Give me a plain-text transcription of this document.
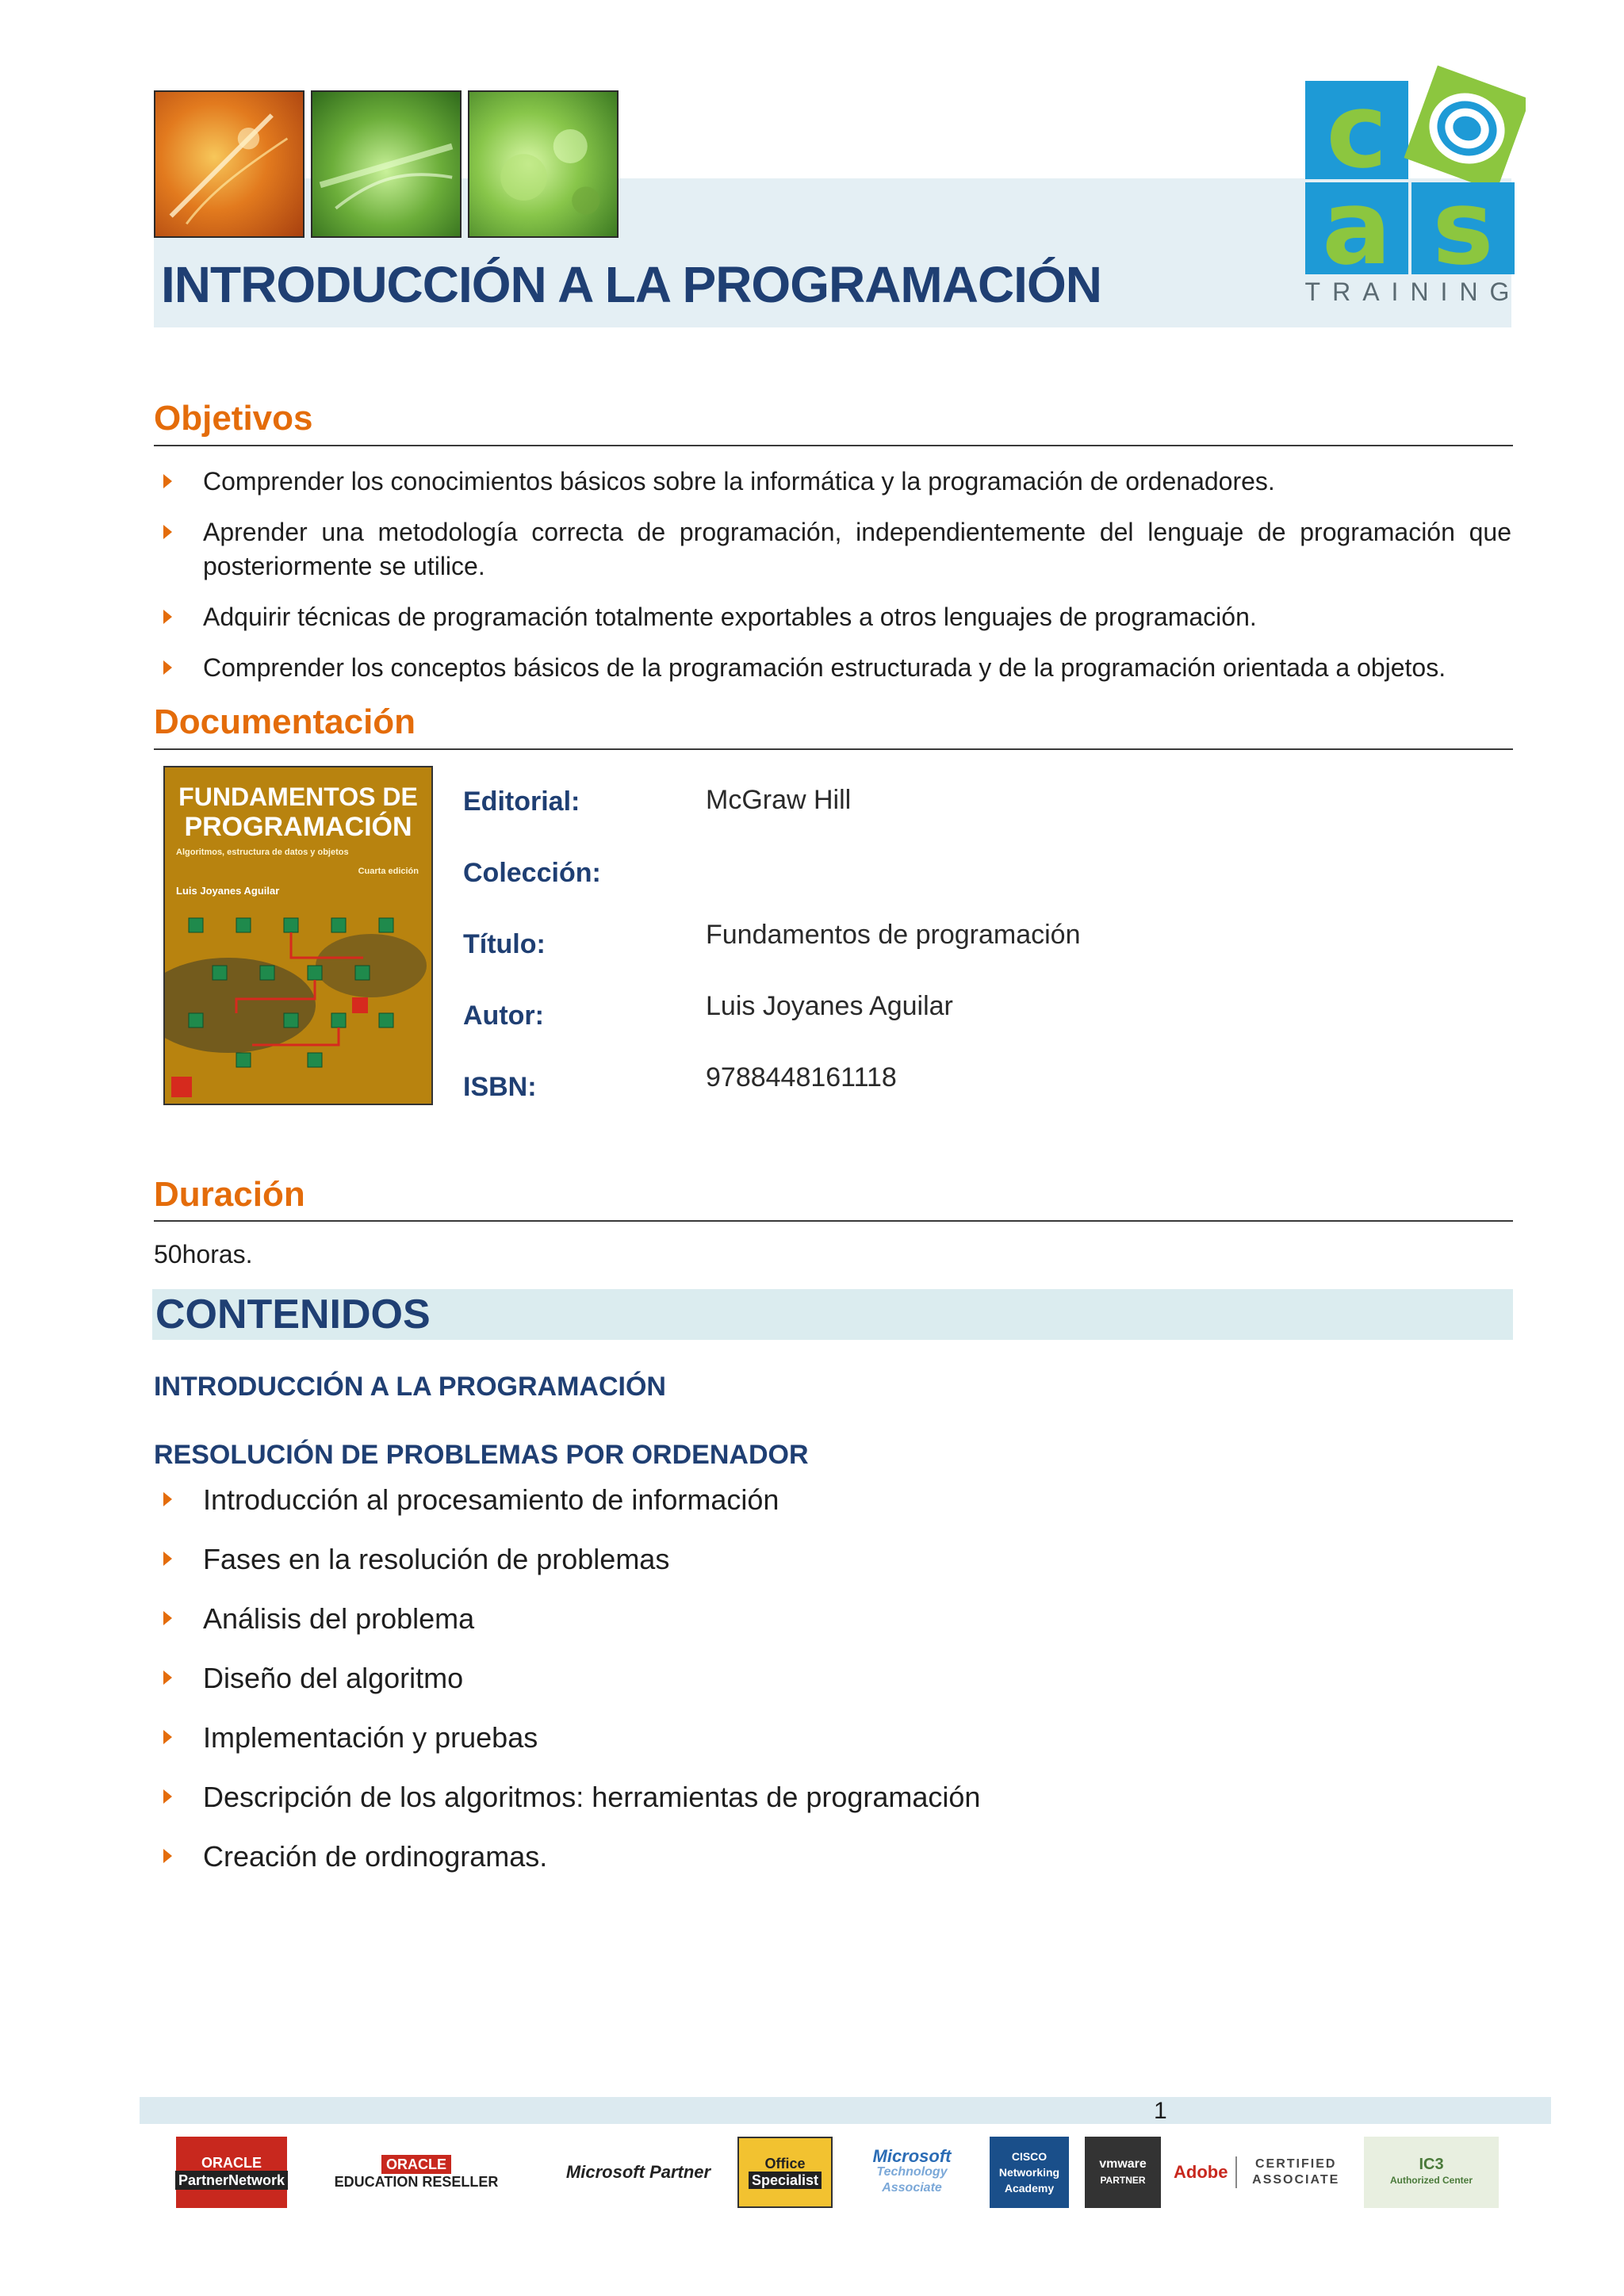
INTRODUCCIÓN A LA PROGRAMACIÓN
c
a s
TRAINING
Objetivos
Comprender los conocimientos básicos sobre la informática y la programación de ordenadores.
Aprender una metodología correcta de programación, independientemente del lenguaje de programación que posteriormente se utilice.
Adquirir técnicas de programación totalmente exportables a otros lenguajes de programación.
Comprender los conceptos básicos de la programación estructurada y de la programación orientada a objetos.
Documentación
FUNDAMENTOS DE
PROGRAMACIÓN
Algoritmos, estructura de datos y objetos
Cuarta edición
Luis Joyanes Aguilar
Editorial:	McGraw Hill
Colección:
Título:	Fundamentos de programación
Autor:	Luis Joyanes Aguilar
ISBN:	9788448161118
Duración
50horas.
CONTENIDOS
INTRODUCCIÓN A LA PROGRAMACIÓN
RESOLUCIÓN DE PROBLEMAS POR ORDENADOR
Introducción al procesamiento de información
Fases en la resolución de problemas
Análisis del problema
Diseño del algoritmo
Implementación y pruebas
Descripción de los algoritmos: herramientas de programación
Creación de ordinogramas.
1
ORACLE
PartnerNetwork
ORACLE
EDUCATION RESELLER	Microsoft Partner	Office
Specialist
Microsoft
Technology Associate
CISCO
Networking Academy
vmware
PARTNER Adobe	CERTIFIED ASSOCIATE
IC3
Authorized Center
